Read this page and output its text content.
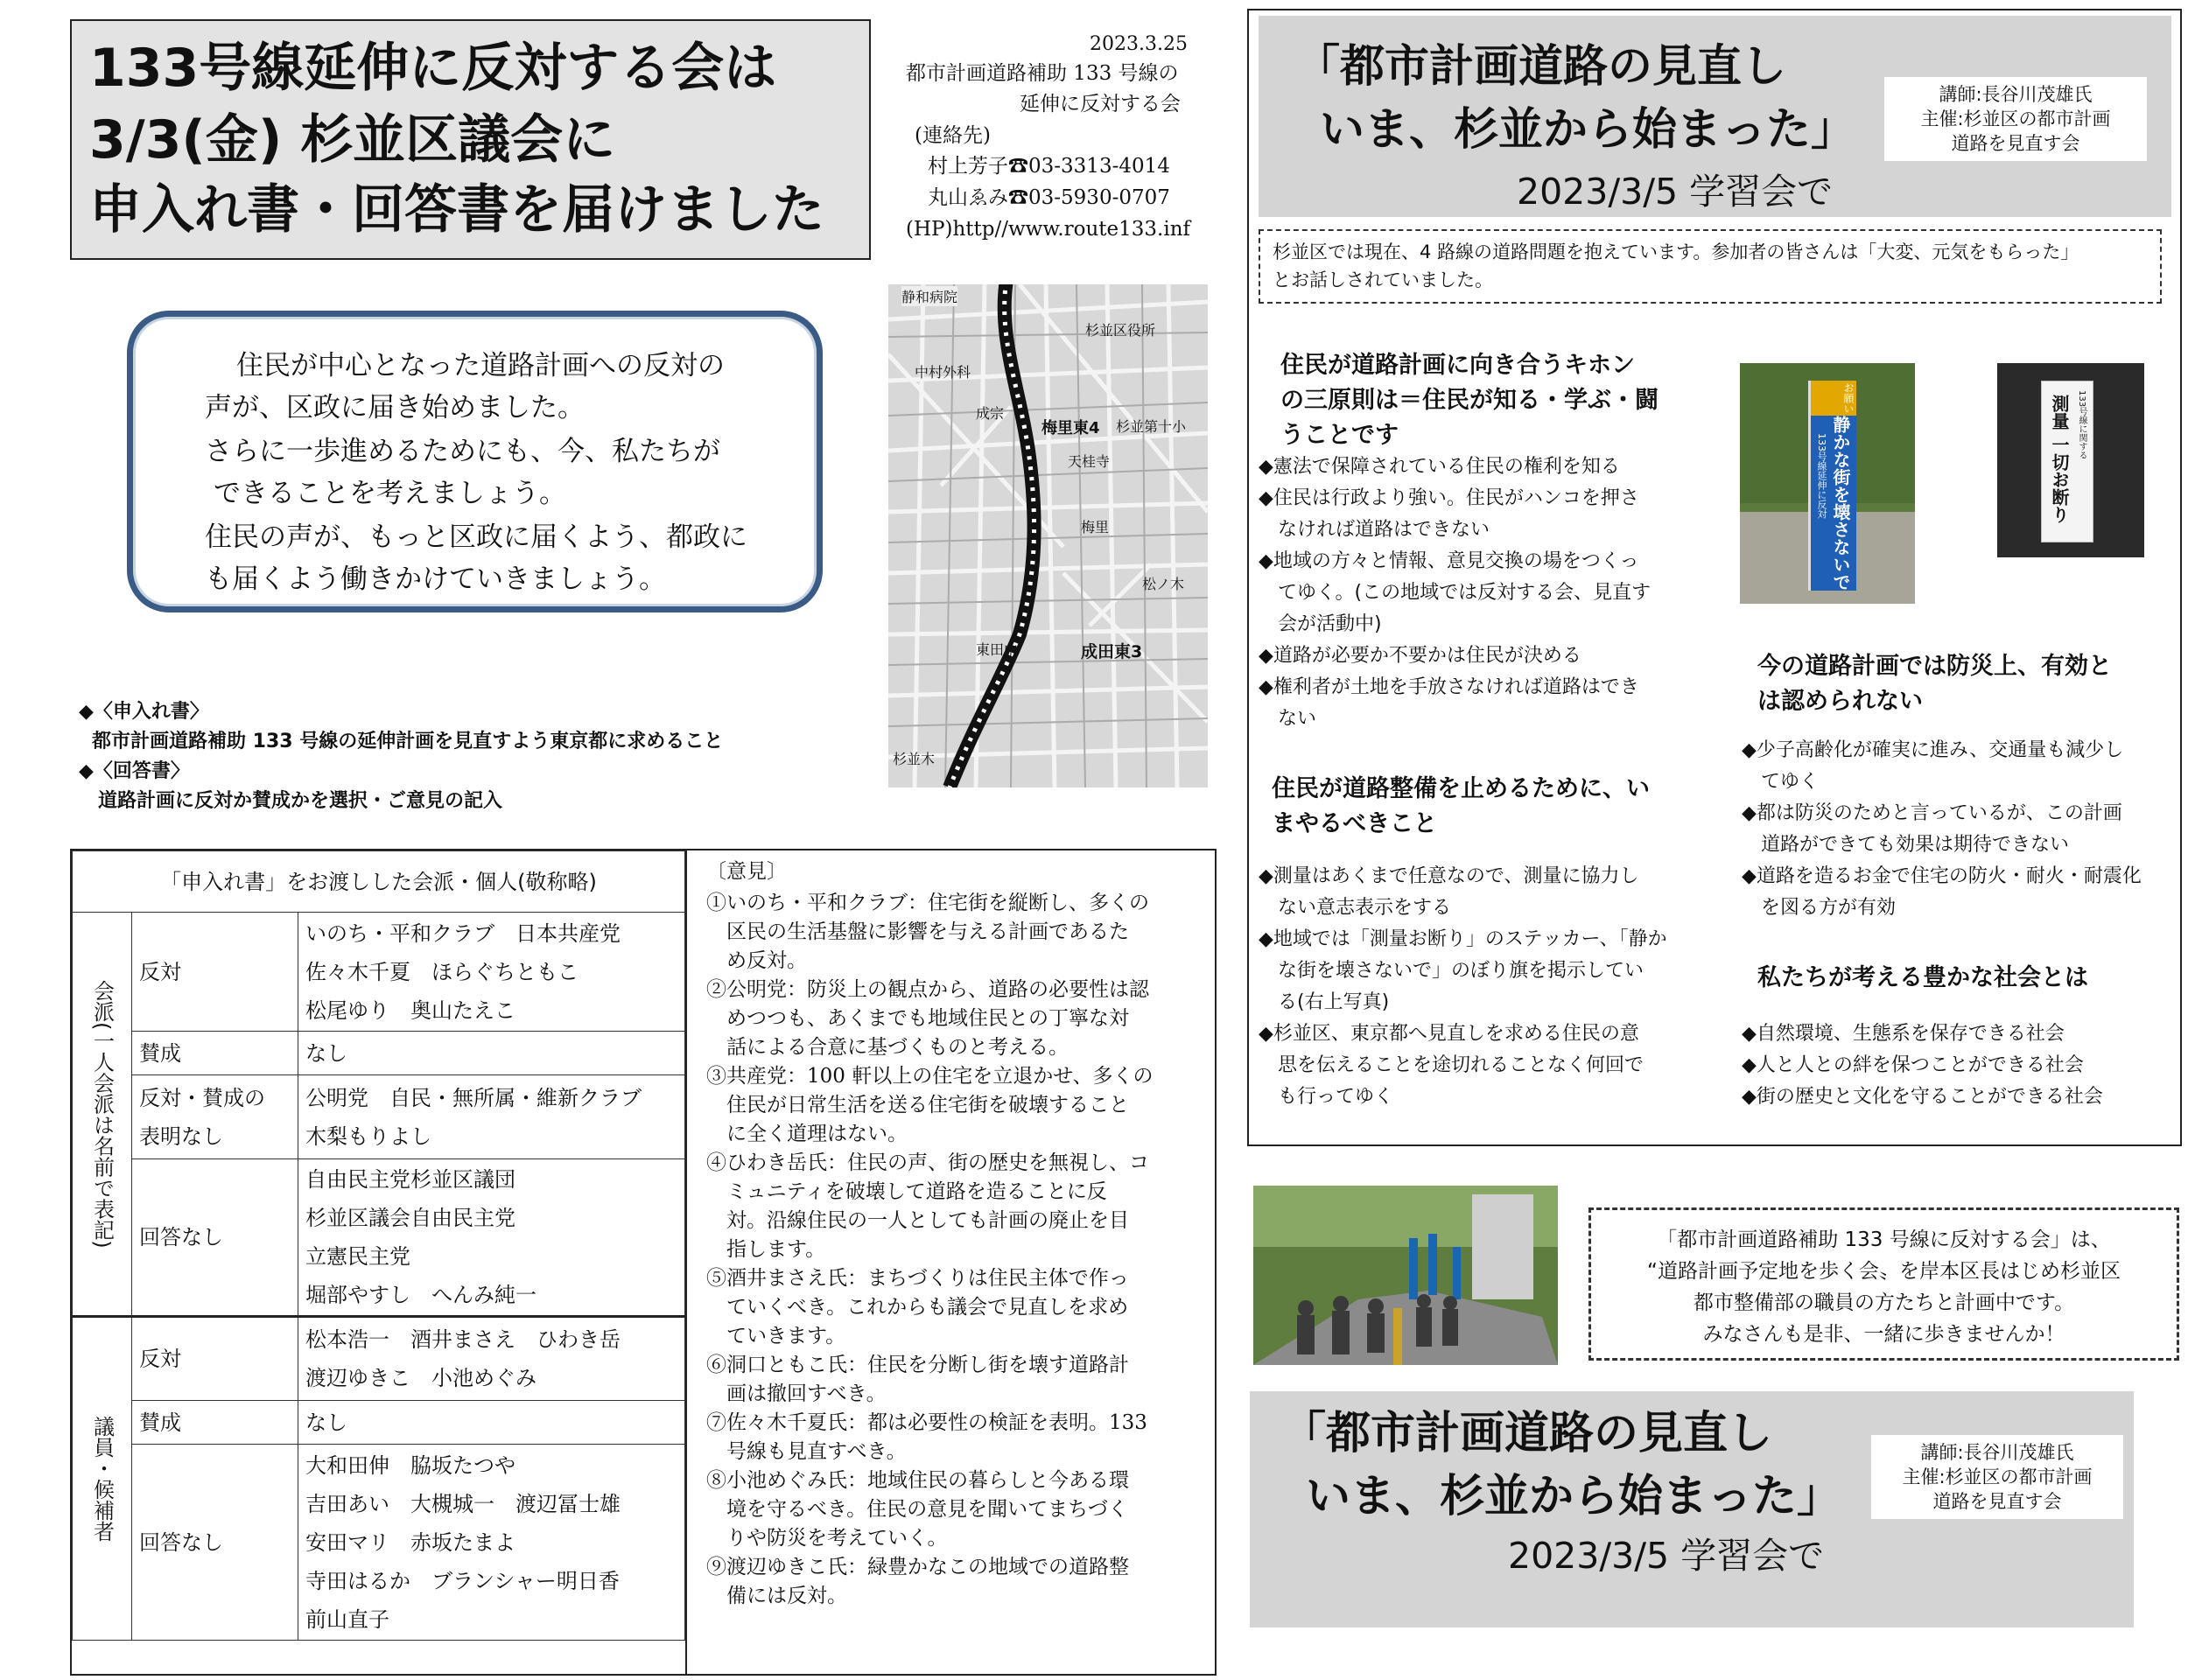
133号線延伸に反対する会は
3/3(金) 杉並区議会に
申入れ書・回答書を届けました
2023.3.25
都市計画道路補助 133 号線の
延伸に反対する会
(連絡先)
村上芳子☎03-3313-4014
丸山ゑみ☎03-5930-0707
(HP)http//www.route133.inf
住民が中心となった道路計画への反対の
声が、区政に届き始めました。
さらに一歩進めるためにも、今、私たちが
できることを考えましょう。
住民の声が、もっと区政に届くよう、都政に
も届くよう働きかけていきましょう。
静和病院
中村外科
成宗
梅里東4
杉並区役所
天桂寺
杉並第十小
東田中	成田東3
杉並木
梅里
松ノ木
◆〈申入れ書〉
都市計画道路補助 133 号線の延伸計画を見直すよう東京都に求めること
◆〈回答書〉
道路計画に反対か賛成かを選択・ご意見の記入
「申入れ書」をお渡しした会派・個人(敬称略)		
会派(一人会派は名前で表記)	反対	いのち・平和クラブ　日本共産党
佐々木千夏　ほらぐちともこ
松尾ゆり　奥山たえこ

	賛成	なし

	反対・賛成の 表明なし	公明党　自民・無所属・維新クラブ
木梨もりよし

	回答なし	自由民主党杉並区議団
杉並区議会自由民主党
立憲民主党
堀部やすし　へんみ純一

議員・候補者	反対	松本浩一　酒井まさえ　ひわき岳
渡辺ゆきこ　小池めぐみ

	賛成	なし

	回答なし	大和田伸　脇坂たつや
吉田あい　大槻城一　渡辺冨士雄
安田マリ　赤坂たまよ
寺田はるか　ブランシャー明日香
前山直子
〔意見〕
①いのち・平和クラブ：住宅街を縦断し、多くの
　区民の生活基盤に影響を与える計画であるた
　め反対。
②公明党：防災上の観点から、道路の必要性は認
　めつつも、あくまでも地域住民との丁寧な対
　話による合意に基づくものと考える。
③共産党：100 軒以上の住宅を立退かせ、多くの
　住民が日常生活を送る住宅街を破壊すること
　に全く道理はない。
④ひわき岳氏：住民の声、街の歴史を無視し、コ
　ミュニティを破壊して道路を造ることに反
　対。沿線住民の一人としても計画の廃止を目
　指します。
⑤酒井まさえ氏：まちづくりは住民主体で作っ
　ていくべき。これからも議会で見直しを求め
　ていきます。
⑥洞口ともこ氏：住民を分断し街を壊す道路計
　画は撤回すべき。
⑦佐々木千夏氏：都は必要性の検証を表明。133
　号線も見直すべき。
⑧小池めぐみ氏：地域住民の暮らしと今ある環
　境を守るべき。住民の意見を聞いてまちづく
　りや防災を考えていく。
⑨渡辺ゆきこ氏：緑豊かなこの地域での道路整
　備には反対。
「都市計画道路の見直し
いま、杉並から始まった」
2023/3/5 学習会で
講師:長谷川茂雄氏
主催:杉並区の都市計画
道路を見直す会
杉並区では現在、4 路線の道路問題を抱えています。参加者の皆さんは「大変、元気をもらった」
とお話しされていました。
住民が道路計画に向き合うキホン
の三原則は＝住民が知る・学ぶ・闘
うことです
◆憲法で保障されている住民の権利を知る
◆住民は行政より強い。住民がハンコを押さ
　なければ道路はできない
◆地域の方々と情報、意見交換の場をつくっ
　てゆく。(この地域では反対する会、見直す
　会が活動中)
◆道路が必要か不要かは住民が決める
◆権利者が土地を手放さなければ道路はでき
　ない
住民が道路整備を止めるために、い
まやるべきこと
◆測量はあくまで任意なので、測量に協力し
　ない意志表示をする
◆地域では「測量お断り」のステッカー、「静か
　な街を壊さないで」のぼり旗を掲示してい
　る(右上写真)
◆杉並区、東京都へ見直しを求める住民の意
　思を伝えることを途切れることなく何回で
　も行ってゆく
お願い
静かな街を壊さないで
133号線延伸に反対
133号線に関する
測量 一切お断り
今の道路計画では防災上、有効と
は認められない
◆少子高齢化が確実に進み、交通量も減少し
　てゆく
◆都は防災のためと言っているが、この計画
　道路ができても効果は期待できない
◆道路を造るお金で住宅の防火・耐火・耐震化
　を図る方が有効
私たちが考える豊かな社会とは
◆自然環境、生態系を保存できる社会
◆人と人との絆を保つことができる社会
◆街の歴史と文化を守ることができる社会
「都市計画道路補助 133 号線に反対する会」は、
“道路計画予定地を歩く会〟を岸本区長はじめ杉並区
都市整備部の職員の方たちと計画中です。
みなさんも是非、一緒に歩きませんか！
「都市計画道路の見直し
いま、杉並から始まった」
2023/3/5 学習会で
講師:長谷川茂雄氏
主催:杉並区の都市計画
道路を見直す会
